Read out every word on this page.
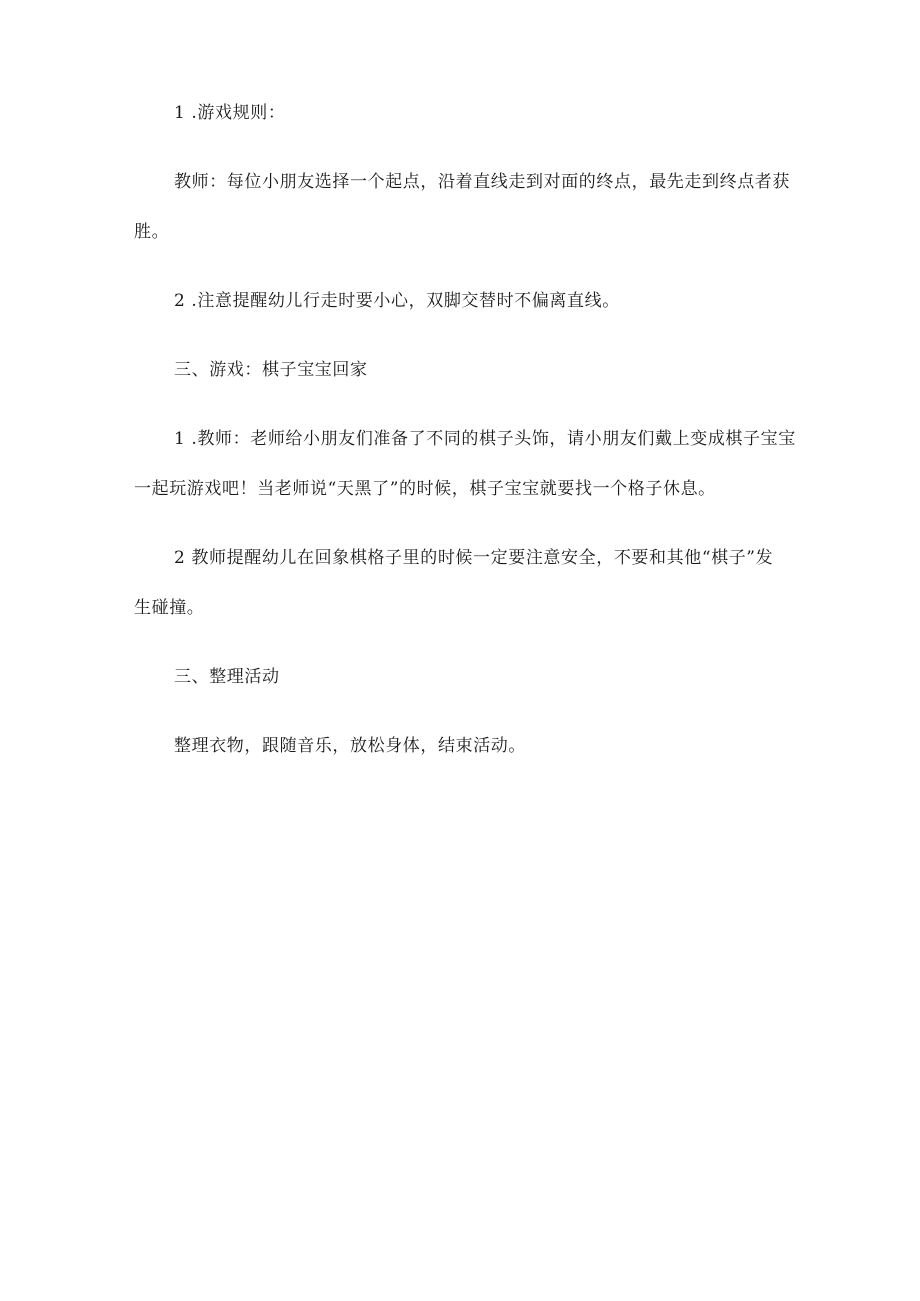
1 .游戏规则：

教师：每位小朋友选择一个起点，沿着直线走到对面的终点，最先走到终点者获
胜。

2 .注意提醒幼儿行走时要小心，双脚交替时不偏离直线。

三、游戏：棋子宝宝回家

1 .教师：老师给小朋友们准备了不同的棋子头饰，请小朋友们戴上变成棋子宝宝
一起玩游戏吧！当老师说“天黑了”的时候，棋子宝宝就要找一个格子休息。

2 教师提醒幼儿在回象棋格子里的时候一定要注意安全，不要和其他“棋子”发
生碰撞。

三、整理活动

整理衣物，跟随音乐，放松身体，结束活动。
